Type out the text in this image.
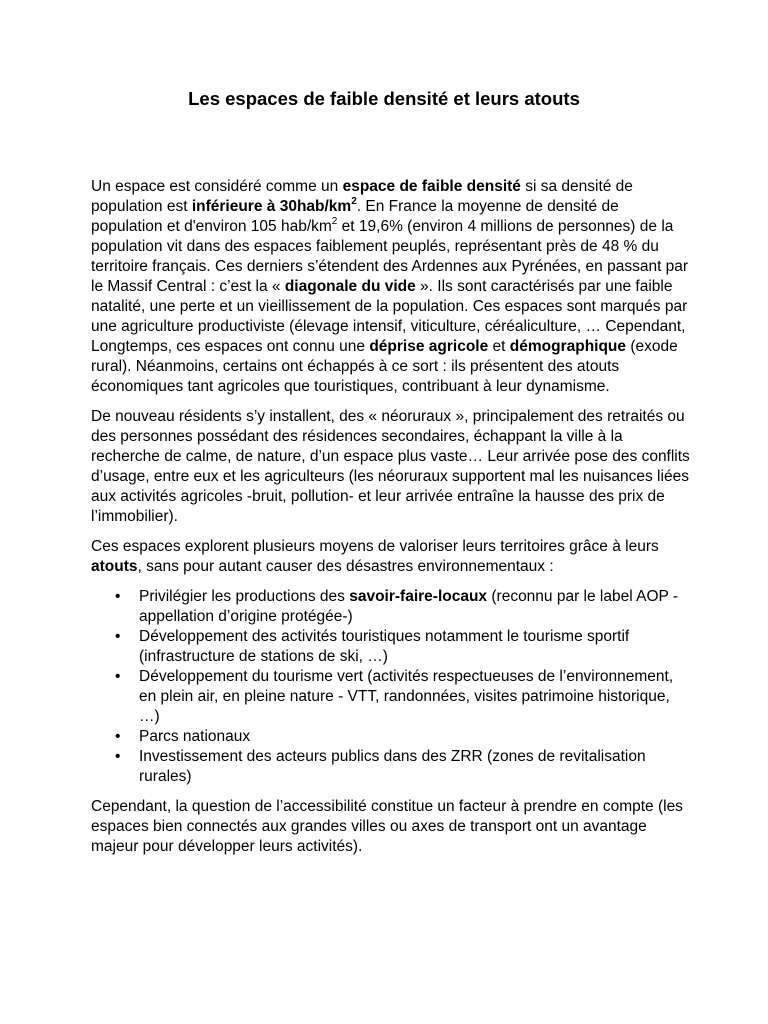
Les espaces de faible densité et leurs atouts

Un espace est considéré comme un espace de faible densité si sa densité de population est inférieure à $30hab/km^2$. En France la moyenne de densité de population et d'environ 105 hab/$km^2$ et 19,6% (environ 4 millions de personnes) de la population vit dans des espaces faiblement peuplés, représentant près de 48 % du territoire français. Ces derniers s’étendent des Ardennes aux Pyrénées, en passant par le Massif Central : c’est la « diagonale du vide ». Ils sont caractérisés par une faible natalité, une perte et un vieillissement de la population. Ces espaces sont marqués par une agriculture productiviste (élevage intensif, viticulture, céréaliculture, … Cependant, Longtemps, ces espaces ont connu une déprise agricole et démographique (exode rural). Néanmoins, certains ont échappés à ce sort : ils présentent des atouts économiques tant agricoles que touristiques, contribuant à leur dynamisme.

De nouveau résidents s’y installent, des « néoruraux », principalement des retraités ou des personnes possédant des résidences secondaires, échappant la ville à la recherche de calme, de nature, d’un espace plus vaste… Leur arrivée pose des conflits d’usage, entre eux et les agriculteurs (les néoruraux supportent mal les nuisances liées aux activités agricoles -bruit, pollution- et leur arrivée entraîne la hausse des prix de l’immobilier).

Ces espaces explorent plusieurs moyens de valoriser leurs territoires grâce à leurs atouts, sans pour autant causer des désastres environnementaux :

• Privilégier les productions des savoir-faire-locaux (reconnu par le label AOP -appellation d’origine protégée-)
• Développement des activités touristiques notamment le tourisme sportif (infrastructure de stations de ski, …)
• Développement du tourisme vert (activités respectueuses de l’environnement, en plein air, en pleine nature - VTT, randonnées, visites patrimoine historique, …)
• Parcs nationaux
• Investissement des acteurs publics dans des ZRR (zones de revitalisation rurales)

Cependant, la question de l’accessibilité constitue un facteur à prendre en compte (les espaces bien connectés aux grandes villes ou axes de transport ont un avantage majeur pour développer leurs activités).
